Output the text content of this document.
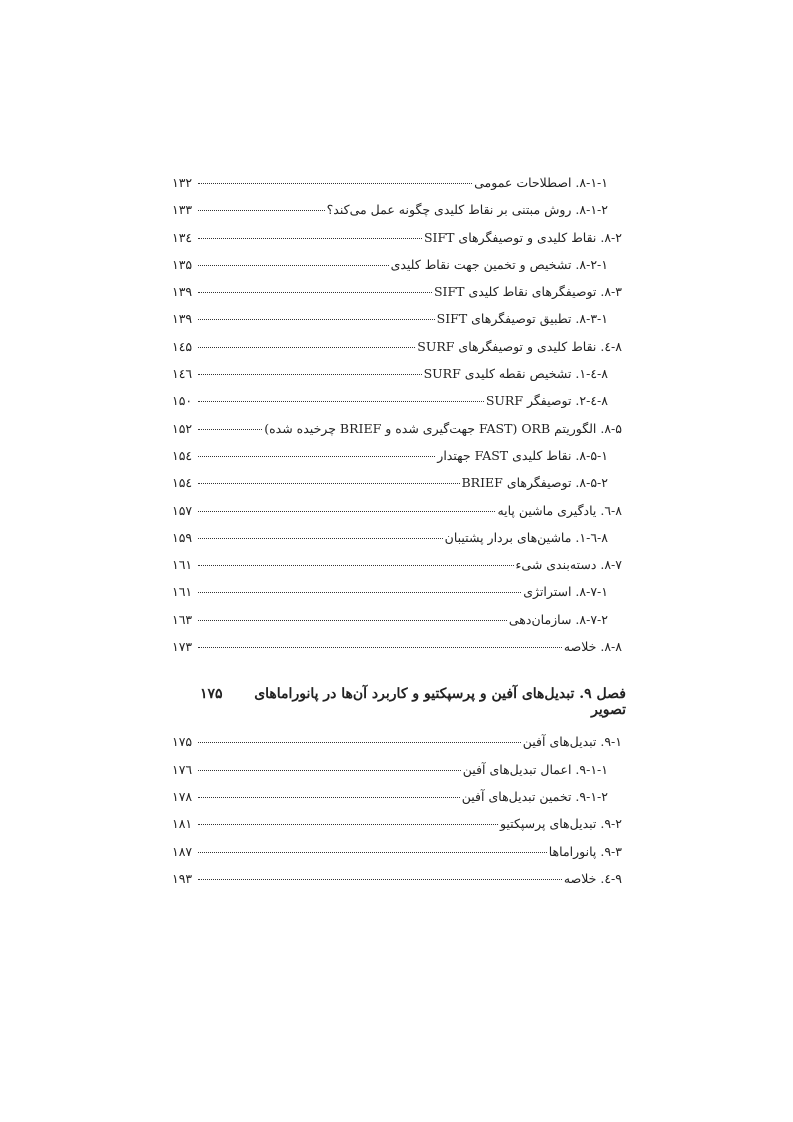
۱۳۲	۸-۱-۱. اصطلاحات عمومی
۱۳۳	۸-۱-۲. روش مبتنی بر نقاط کلیدی چگونه عمل می‌کند؟
۱۳٤	۸-۲. نقاط کلیدی و توصیفگرهای SIFT
۱۳۵	۸-۲-۱. تشخیص و تخمین جهت نقاط کلیدی
۱۳۹	۸-۳. توصیفگرهای نقاط کلیدی SIFT
۱۳۹	۸-۳-۱. تطبیق توصیفگرهای SIFT
۱٤۵	۸-٤. نقاط کلیدی و توصیفگرهای SURF
۱٤٦	۸-٤-۱. تشخیص نقطه کلیدی SURF
۱۵۰	۸-٤-۲. توصیفگر SURF
۱۵۲	۸-۵. الگوریتم ORB (FAST جهت‌گیری شده و BRIEF چرخیده شده)
۱۵٤	۸-۵-۱. نقاط کلیدی FAST جهتدار
۱۵٤	۸-۵-۲. توصیفگرهای BRIEF
۱۵۷	۸-٦. یادگیری ماشین پایه
۱۵۹	۸-٦-۱. ماشین‌های بردار پشتیبان
۱٦۱	۸-۷. دسته‌بندی شیء
۱٦۱	۸-۷-۱. استراتژی
۱٦۳	۸-۷-۲. سازمان‌دهی
۱۷۳	۸-۸. خلاصه
۱۷۵	فصل ۹. تبدیل‌های آفین و پرسپکتیو و کاربرد آن‌ها در پانوراماهای تصویر
۱۷۵	۹-۱. تبدیل‌های آفین
۱۷٦	۹-۱-۱. اعمال تبدیل‌های آفین
۱۷۸	۹-۱-۲. تخمین تبدیل‌های آفین
۱۸۱	۹-۲. تبدیل‌های پرسپکتیو
۱۸۷	۹-۳. پانوراماها
۱۹۳	۹-٤. خلاصه
